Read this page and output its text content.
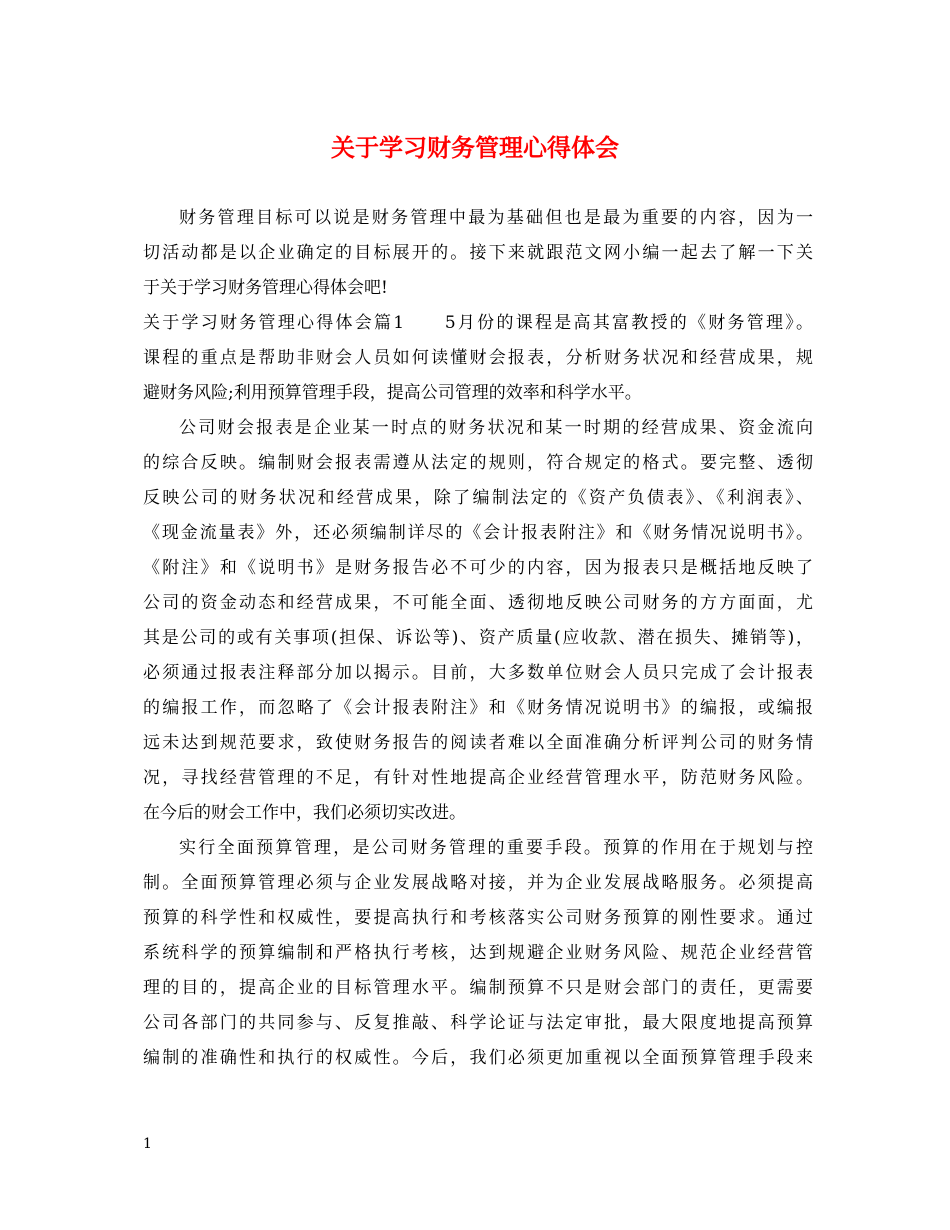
关于学习财务管理心得体会
财务管理目标可以说是财务管理中最为基础但也是最为重要的内容，因为一
切活动都是以企业确定的目标展开的。接下来就跟范文网小编一起去了解一下关
于关于学习财务管理心得体会吧!
关于学习财务管理心得体会篇1　　5月份的课程是高其富教授的《财务管理》。
课程的重点是帮助非财会人员如何读懂财会报表，分析财务状况和经营成果，规
避财务风险;利用预算管理手段，提高公司管理的效率和科学水平。
公司财会报表是企业某一时点的财务状况和某一时期的经营成果、资金流向
的综合反映。编制财会报表需遵从法定的规则，符合规定的格式。要完整、透彻
反映公司的财务状况和经营成果，除了编制法定的《资产负债表》、《利润表》、
《现金流量表》外，还必须编制详尽的《会计报表附注》和《财务情况说明书》。
《附注》和《说明书》是财务报告必不可少的内容，因为报表只是概括地反映了
公司的资金动态和经营成果，不可能全面、透彻地反映公司财务的方方面面，尤
其是公司的或有关事项(担保、诉讼等)、资产质量(应收款、潜在损失、摊销等)，
必须通过报表注释部分加以揭示。目前，大多数单位财会人员只完成了会计报表
的编报工作，而忽略了《会计报表附注》和《财务情况说明书》的编报，或编报
远未达到规范要求，致使财务报告的阅读者难以全面准确分析评判公司的财务情
况，寻找经营管理的不足，有针对性地提高企业经营管理水平，防范财务风险。
在今后的财会工作中，我们必须切实改进。
实行全面预算管理，是公司财务管理的重要手段。预算的作用在于规划与控
制。全面预算管理必须与企业发展战略对接，并为企业发展战略服务。必须提高
预算的科学性和权威性，要提高执行和考核落实公司财务预算的刚性要求。通过
系统科学的预算编制和严格执行考核，达到规避企业财务风险、规范企业经营管
理的目的，提高企业的目标管理水平。编制预算不只是财会部门的责任，更需要
公司各部门的共同参与、反复推敲、科学论证与法定审批，最大限度地提高预算
编制的准确性和执行的权威性。今后，我们必须更加重视以全面预算管理手段来
1
